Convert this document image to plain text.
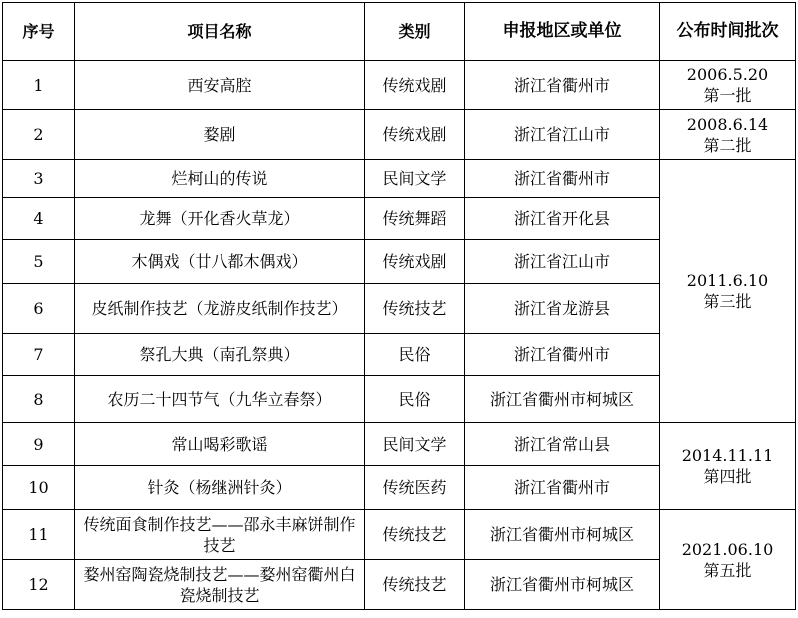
序号	项目名称	类别	申报地区或单位	公布时间批次
1	西安高腔	传统戏剧	浙江省衢州市	2006.5.20
第一批

2	婺剧	传统戏剧	浙江省江山市	2008.6.14
第二批

3	烂柯山的传说	民间文学	浙江省衢州市	2011.6.10
第三批

4	龙舞（开化香火草龙）	传统舞蹈	浙江省开化县	
5	木偶戏（廿八都木偶戏）	传统戏剧	浙江省江山市	
6	皮纸制作技艺（龙游皮纸制作技艺）	传统技艺	浙江省龙游县	
7	祭孔大典（南孔祭典）	民俗	浙江省衢州市	
8	农历二十四节气（九华立春祭）	民俗	浙江省衢州市柯城区	
9	常山喝彩歌谣	民间文学	浙江省常山县	2014.11.11
第四批

10	针灸（杨继洲针灸）	传统医药	浙江省衢州市	
11	传统面食制作技艺——邵永丰麻饼制作技艺	传统技艺	浙江省衢州市柯城区	2021.06.10
第五批

12	婺州窑陶瓷烧制技艺——婺州窑衢州白瓷烧制技艺	传统技艺	浙江省衢州市柯城区	
